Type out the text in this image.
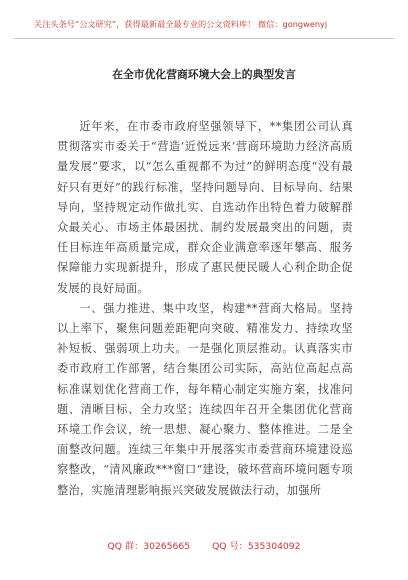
关注头条号“公文研究”，获得最新最全最专业的公文资料库！ 微信：gongwenyj
在全市优化营商环境大会上的典型发言

近年来，在市委市政府坚强领导下，**集团公司认真贯彻落实市委关于“营造‘近悦远来’营商环境助力经济高质量发展”要求，以“怎么重视都不为过”的鲜明态度“没有最好只有更好”的践行标准，坚持问题导向、目标导向、结果导向，坚持规定动作做扎实、自选动作出特色着力破解群众最关心、市场主体最困扰、制约发展最突出的问题，责任目标连年高质量完成，群众企业满意率逐年攀高、服务保障能力实现新提升，形成了惠民便民暖人心利企助企促发展的良好局面。

一、强力推进、集中攻坚，构建**营商大格局。坚持以上率下，聚焦问题差距靶向突破、精准发力、持续攻坚补短板、强弱项上功夫。一是强化顶层推动。认真落实市委市政府工作部署，结合集团公司实际，高站位高起点高标准谋划优化营商工作，每年精心制定实施方案，找准问题、清晰目标、全力攻坚；连续四年召开全集团优化营商环境工作会议，统一思想、凝心聚力、整体推进。二是全面整改问题。连续三年集中开展落实市委营商环境建设巡察整改，“清风廉政***窗口”建设，破坏营商环境问题专项整治，实施清理影响振兴突破发展做法行动，加强所

QQ 群：30265665 QQ 号：535304092
